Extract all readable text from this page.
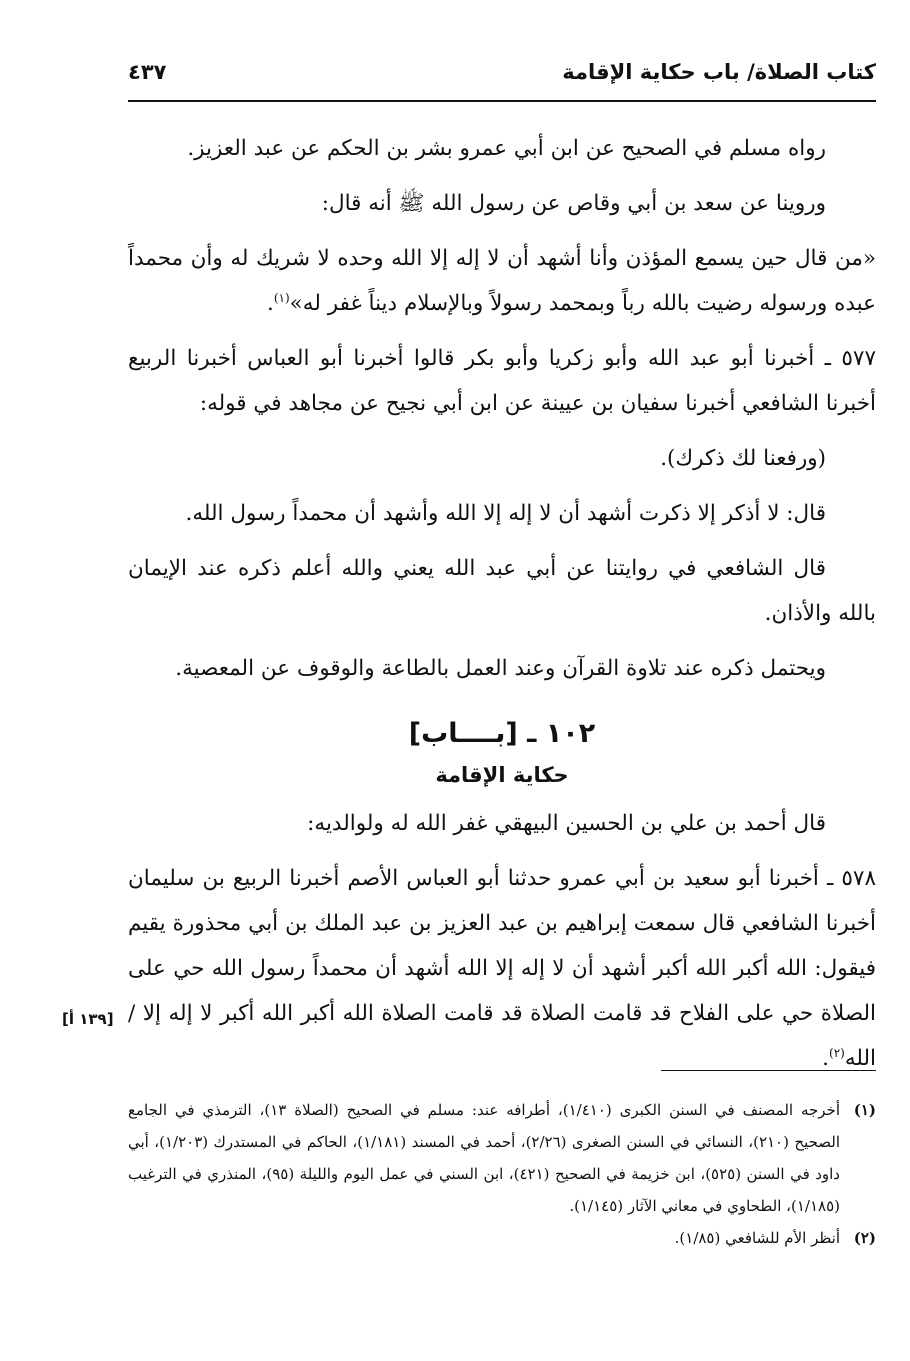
كتاب الصلاة/ باب حكاية الإقامة
٤٣٧

رواه مسلم في الصحيح عن ابن أبي عمرو بشر بن الحكم عن عبد العزيز.

وروينا عن سعد بن أبي وقاص عن رسول الله ﷺ أنه قال:

«من قال حين يسمع المؤذن وأنا أشهد أن لا إله إلا الله وحده لا شريك له وأن محمداً عبده ورسوله رضيت بالله رباً وبمحمد رسولاً وبالإسلام ديناً غفر له»$^{(١)}$.

٥٧٧ ـ أخبرنا أبو عبد الله وأبو زكريا وأبو بكر قالوا أخبرنا أبو العباس أخبرنا الربيع أخبرنا الشافعي أخبرنا سفيان بن عيينة عن ابن أبي نجيح عن مجاهد في قوله:

(ورفعنا لك ذكرك).

قال: لا أذكر إلا ذكرت أشهد أن لا إله إلا الله وأشهد أن محمداً رسول الله.

قال الشافعي في روايتنا عن أبي عبد الله يعني والله أعلم ذكره عند الإيمان بالله والأذان.

ويحتمل ذكره عند تلاوة القرآن وعند العمل بالطاعة والوقوف عن المعصية.

١٠٢ ـ [بــــاب]
حكاية الإقامة

قال أحمد بن علي بن الحسين البيهقي غفر الله له ولوالديه:

٥٧٨ ـ أخبرنا أبو سعيد بن أبي عمرو حدثنا أبو العباس الأصم أخبرنا الربيع بن سليمان أخبرنا الشافعي قال سمعت إبراهيم بن عبد العزيز بن عبد الملك بن أبي محذورة يقيم فيقول: الله أكبر الله أكبر أشهد أن لا إله إلا الله أشهد أن محمداً رسول الله حي على الصلاة حي على الفلاح قد قامت الصلاة قد قامت الصلاة الله أكبر الله أكبر لا إله إلا / الله$^{(٢)}$.

[١٣٩ أ]

(١)
أخرجه المصنف في السنن الكبرى (١/٤١٠)، أطرافه عند: مسلم في الصحيح (الصلاة ١٣)، الترمذي في الجامع الصحيح (٢١٠)، النسائي في السنن الصغرى (٢/٢٦)، أحمد في المسند (١/١٨١)، الحاكم في المستدرك (١/٢٠٣)، أبي داود في السنن (٥٢٥)، ابن خزيمة في الصحيح (٤٢١)، ابن السني في عمل اليوم والليلة (٩٥)، المنذري في الترغيب (١/١٨٥)، الطحاوي في معاني الآثار (١/١٤٥).

(٢)
أنظر الأم للشافعي (١/٨٥).
